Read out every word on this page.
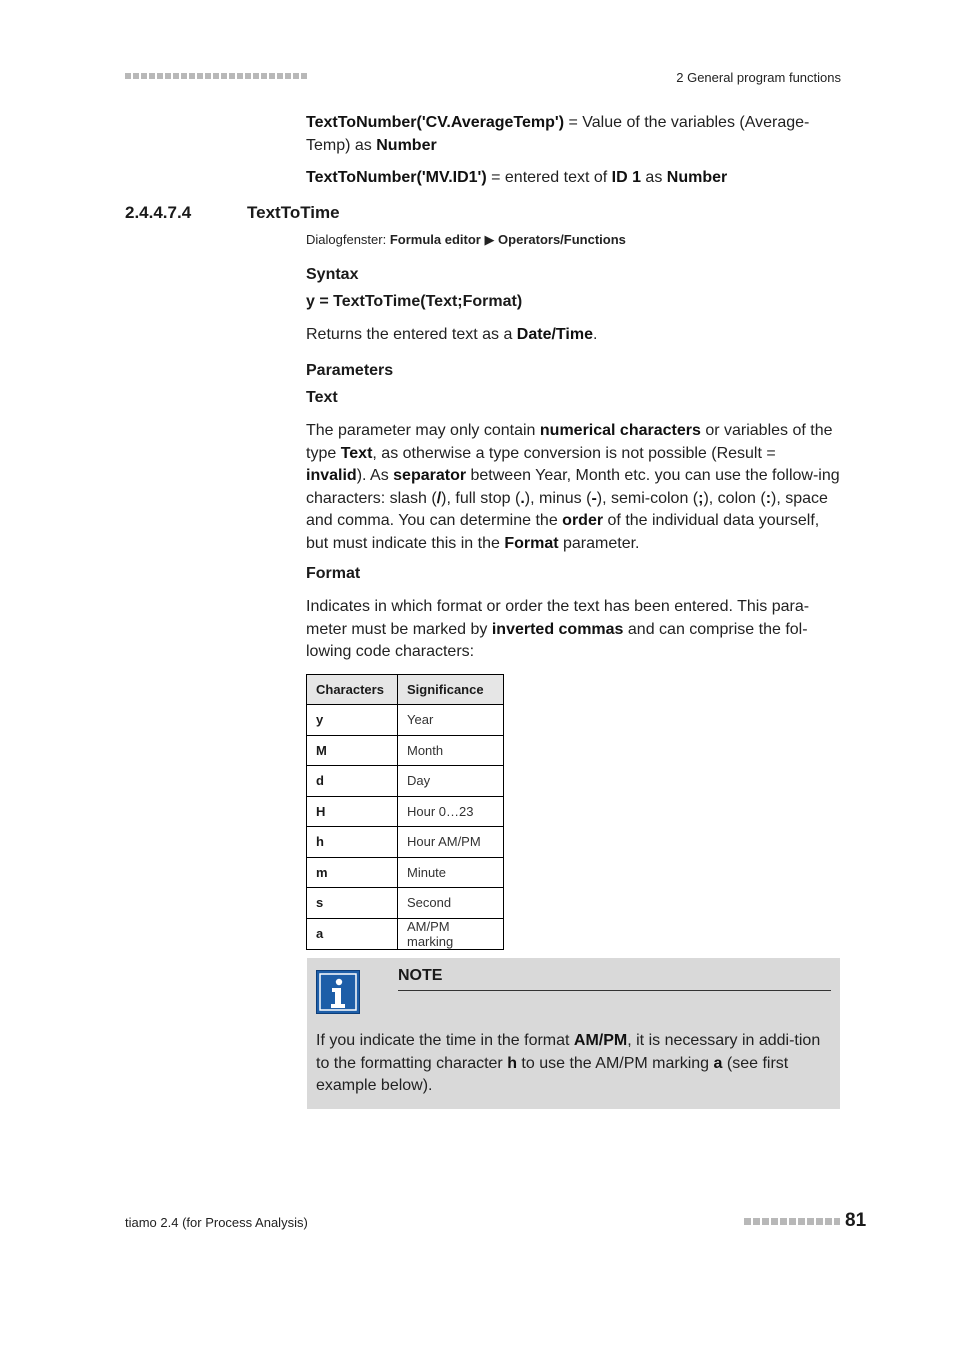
2 General program functions
TextToNumber('CV.AverageTemp') = Value of the variables (Average-Temp) as Number
TextToNumber('MV.ID1') = entered text of ID 1 as Number
2.4.4.7.4	TextToTime
Dialogfenster: Formula editor ▶ Operators/Functions
Syntax
y = TextToTime(Text;Format)
Returns the entered text as a Date/Time.
Parameters
Text
The parameter may only contain numerical characters or variables of the type Text, as otherwise a type conversion is not possible (Result = invalid). As separator between Year, Month etc. you can use the follow-ing characters: slash (/), full stop (.), minus (-), semi-colon (;), colon (:), space and comma. You can determine the order of the individual data yourself, but must indicate this in the Format parameter.
Format
Indicates in which format or order the text has been entered. This para-meter must be marked by inverted commas and can comprise the fol-lowing code characters:
Characters	Significance
y	Year
M	Month
d	Day
H	Hour 0…23
h	Hour AM/PM
m	Minute
s	Second
a	AM/PM marking
NOTE
If you indicate the time in the format AM/PM, it is necessary in addi-tion to the formatting character h to use the AM/PM marking a (see first example below).
tiamo 2.4 (for Process Analysis)	81
